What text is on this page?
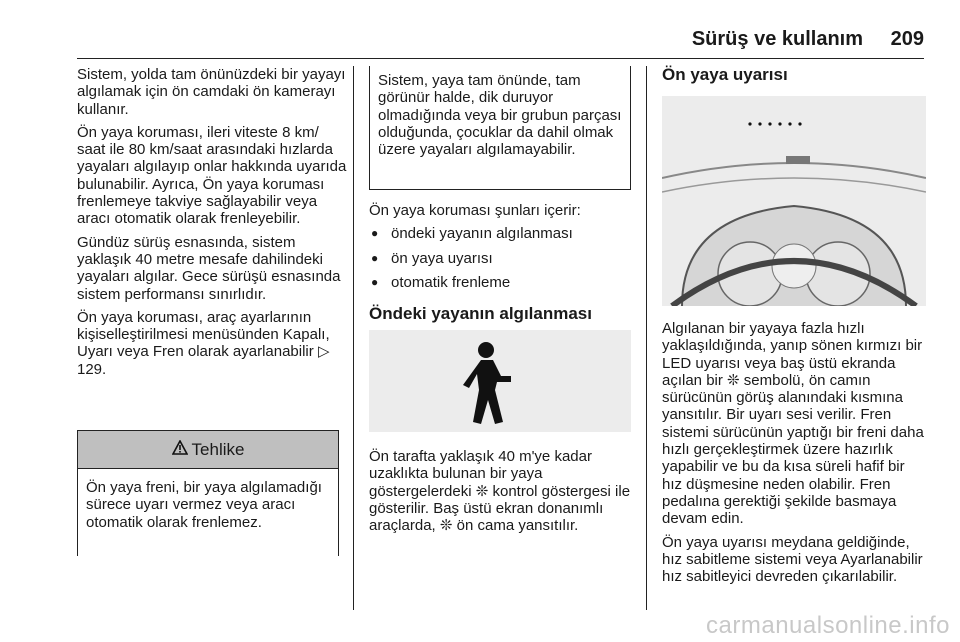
Sürüş ve kullanım 209

Sistem, yolda tam önünüzdeki bir yayayı algılamak için ön camdaki ön kamerayı kullanır.

Ön yaya koruması, ileri viteste 8 km/ saat ile 80 km/saat arasındaki hızlarda yayaları algılayıp onlar hakkında uyarıda bulunabilir. Ayrıca, Ön yaya koruması frenlemeye takviye sağlayabilir veya aracı otomatik olarak frenleyebilir.

Gündüz sürüş esnasında, sistem yaklaşık 40 metre mesafe dahilindeki yayaları algılar. Gece sürüşü esnasında sistem performansı sınırlıdır.

Ön yaya koruması, araç ayarlarının kişiselleştirilmesi menüsünden Kapalı, Uyarı veya Fren olarak ayarlanabilir ▷ 129.

Tehlike
Ön yaya freni, bir yaya algılamadığı sürece uyarı vermez veya aracı otomatik olarak frenlemez.
Sistem, yaya tam önünde, tam görünür halde, dik duruyor olmadığında veya bir grubun parçası olduğunda, çocuklar da dahil olmak üzere yayaları algılamayabilir.

Ön yaya koruması şunları içerir:

● öndeki yayanın algılanması
● ön yaya uyarısı
● otomatik frenleme
Öndeki yayanın algılanması

Ön tarafta yaklaşık 40 m'ye kadar uzaklıkta bulunan bir yaya göstergelerdeki ❊ kontrol göstergesi ile gösterilir. Baş üstü ekran donanımlı araçlarda, ❊ ön cama yansıtılır.

Ön yaya uyarısı

Algılanan bir yayaya fazla hızlı yaklaşıldığında, yanıp sönen kırmızı bir LED uyarısı veya baş üstü ekranda açılan bir ❊ sembolü, ön camın sürücünün görüş alanındaki kısmına yansıtılır. Bir uyarı sesi verilir. Fren sistemi sürücünün yaptığı bir freni daha hızlı gerçekleştirmek üzere hazırlık yapabilir ve bu da kısa süreli hafif bir hız düşmesine neden olabilir. Fren pedalına gerektiği şekilde basmaya devam edin.

Ön yaya uyarısı meydana geldiğinde, hız sabitleme sistemi veya Ayarlanabilir hız sabitleyici devreden çıkarılabilir.

carmanualsonline.info
